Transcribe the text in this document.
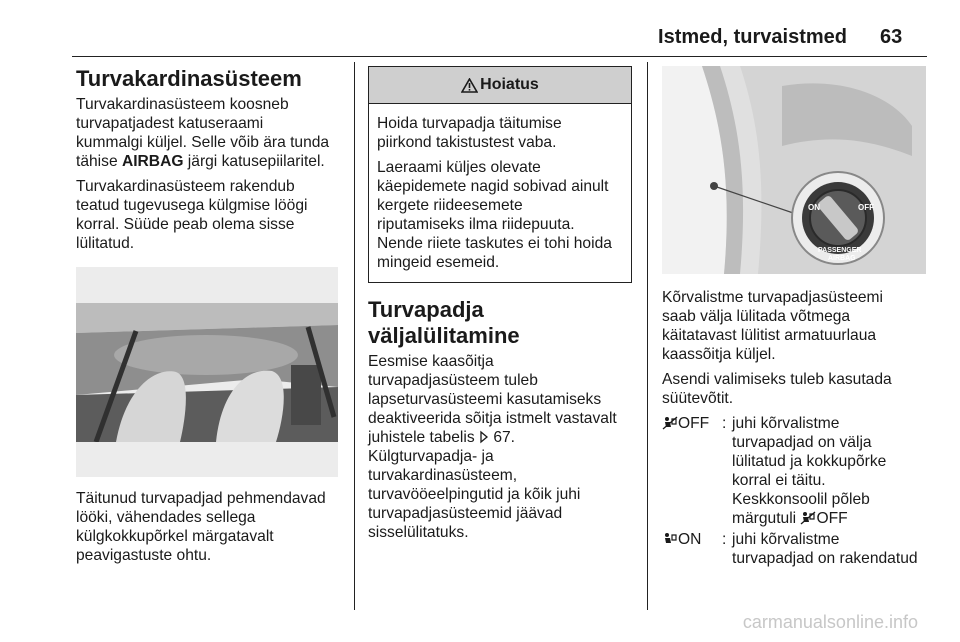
Istmed, turvaistmed 63
Turvakardinasüsteem

Turvakardinasüsteem koosneb
turvapatjadest katuseraami
kummalgi küljel. Selle võib ära tunda
tähise AIRBAG järgi katusepiilaritel.

Turvakardinasüsteem rakendub
teatud tugevusega külgmise löögi
korral. Süüde peab olema sisse
lülitatud.

Täitunud turvapadjad pehmendavad
lööki, vähendades sellega
külgkokkupõrkel märgatavalt
peavigastuste ohtu.

Hoiatus

Hoida turvapadja täitumise
piirkond takistustest vaba.

Laeraami küljes olevate
käepidemete nagid sobivad ainult
kergete riideesemete
riputamiseks ilma riidepuuta.
Nende riiete taskutes ei tohi hoida
mingeid esemeid.

Turvapadja väljalülitamine

Eesmise kaasõitja
turvapadjasüsteem tuleb
lapseturvasüsteemi kasutamiseks
deaktiveerida sõitja istmelt vastavalt
juhistele tabelis  67.
Külgturvapadja- ja
turvakardinasüsteem,
turvavööeelpingutid ja kõik juhi
turvapadjasüsteemid jäävad
sisselülitatuks.

ON	OFF
PASSENGER
AIRBAG

Kõrvalistme turvapadjasüsteemi
saab välja lülitada võtmega
käitatavast lülitist armatuurlaua
kaassõitja küljel.

Asendi valimiseks tuleb kasutada
süütevõtit.

OFF : juhi kõrvalistme
turvapadjad on välja
lülitatud ja kokkupõrke
korral ei täitu.
Keskkonsoolil põleb
märgutuli OFF
ON	: juhi kõrvalistme
turvapadjad on rakendatud
carmanualsonline.info
